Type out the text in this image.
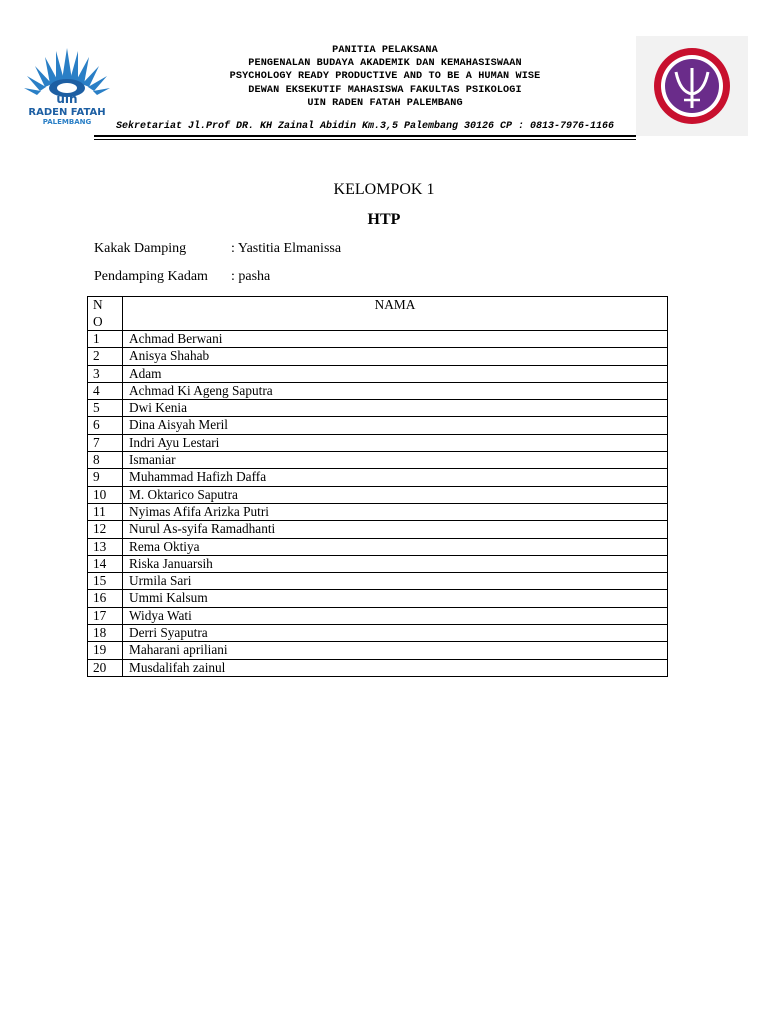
uin
RADEN FATAH
PALEMBANG
PANITIA PELAKSANA
PENGENALAN BUDAYA AKADEMIK DAN KEMAHASISWAAN
PSYCHOLOGY READY PRODUCTIVE AND TO BE A HUMAN WISE
DEWAN EKSEKUTIF MAHASISWA FAKULTAS PSIKOLOGI
UIN RADEN FATAH PALEMBANG
Sekretariat Jl.Prof DR. KH Zainal Abidin Km.3,5 Palembang 30126 CP : 0813-7976-1166
KELOMPOK 1
HTP
Kakak Damping	: Yastitia Elmanissa
Pendamping Kadam : pasha
N
O	NAMA
1	Achmad Berwani
2	Anisya Shahab
3	Adam
4	Achmad Ki Ageng Saputra
5	Dwi Kenia
6	Dina Aisyah Meril
7	Indri Ayu Lestari
8	Ismaniar
9	Muhammad Hafizh Daffa
10	M. Oktarico Saputra
11	Nyimas Afifa Arizka Putri
12	Nurul As-syifa Ramadhanti
13	Rema Oktiya
14	Riska Januarsih
15	Urmila Sari
16	Ummi Kalsum
17	Widya Wati
18	Derri Syaputra
19	Maharani apriliani
20	Musdalifah zainul
